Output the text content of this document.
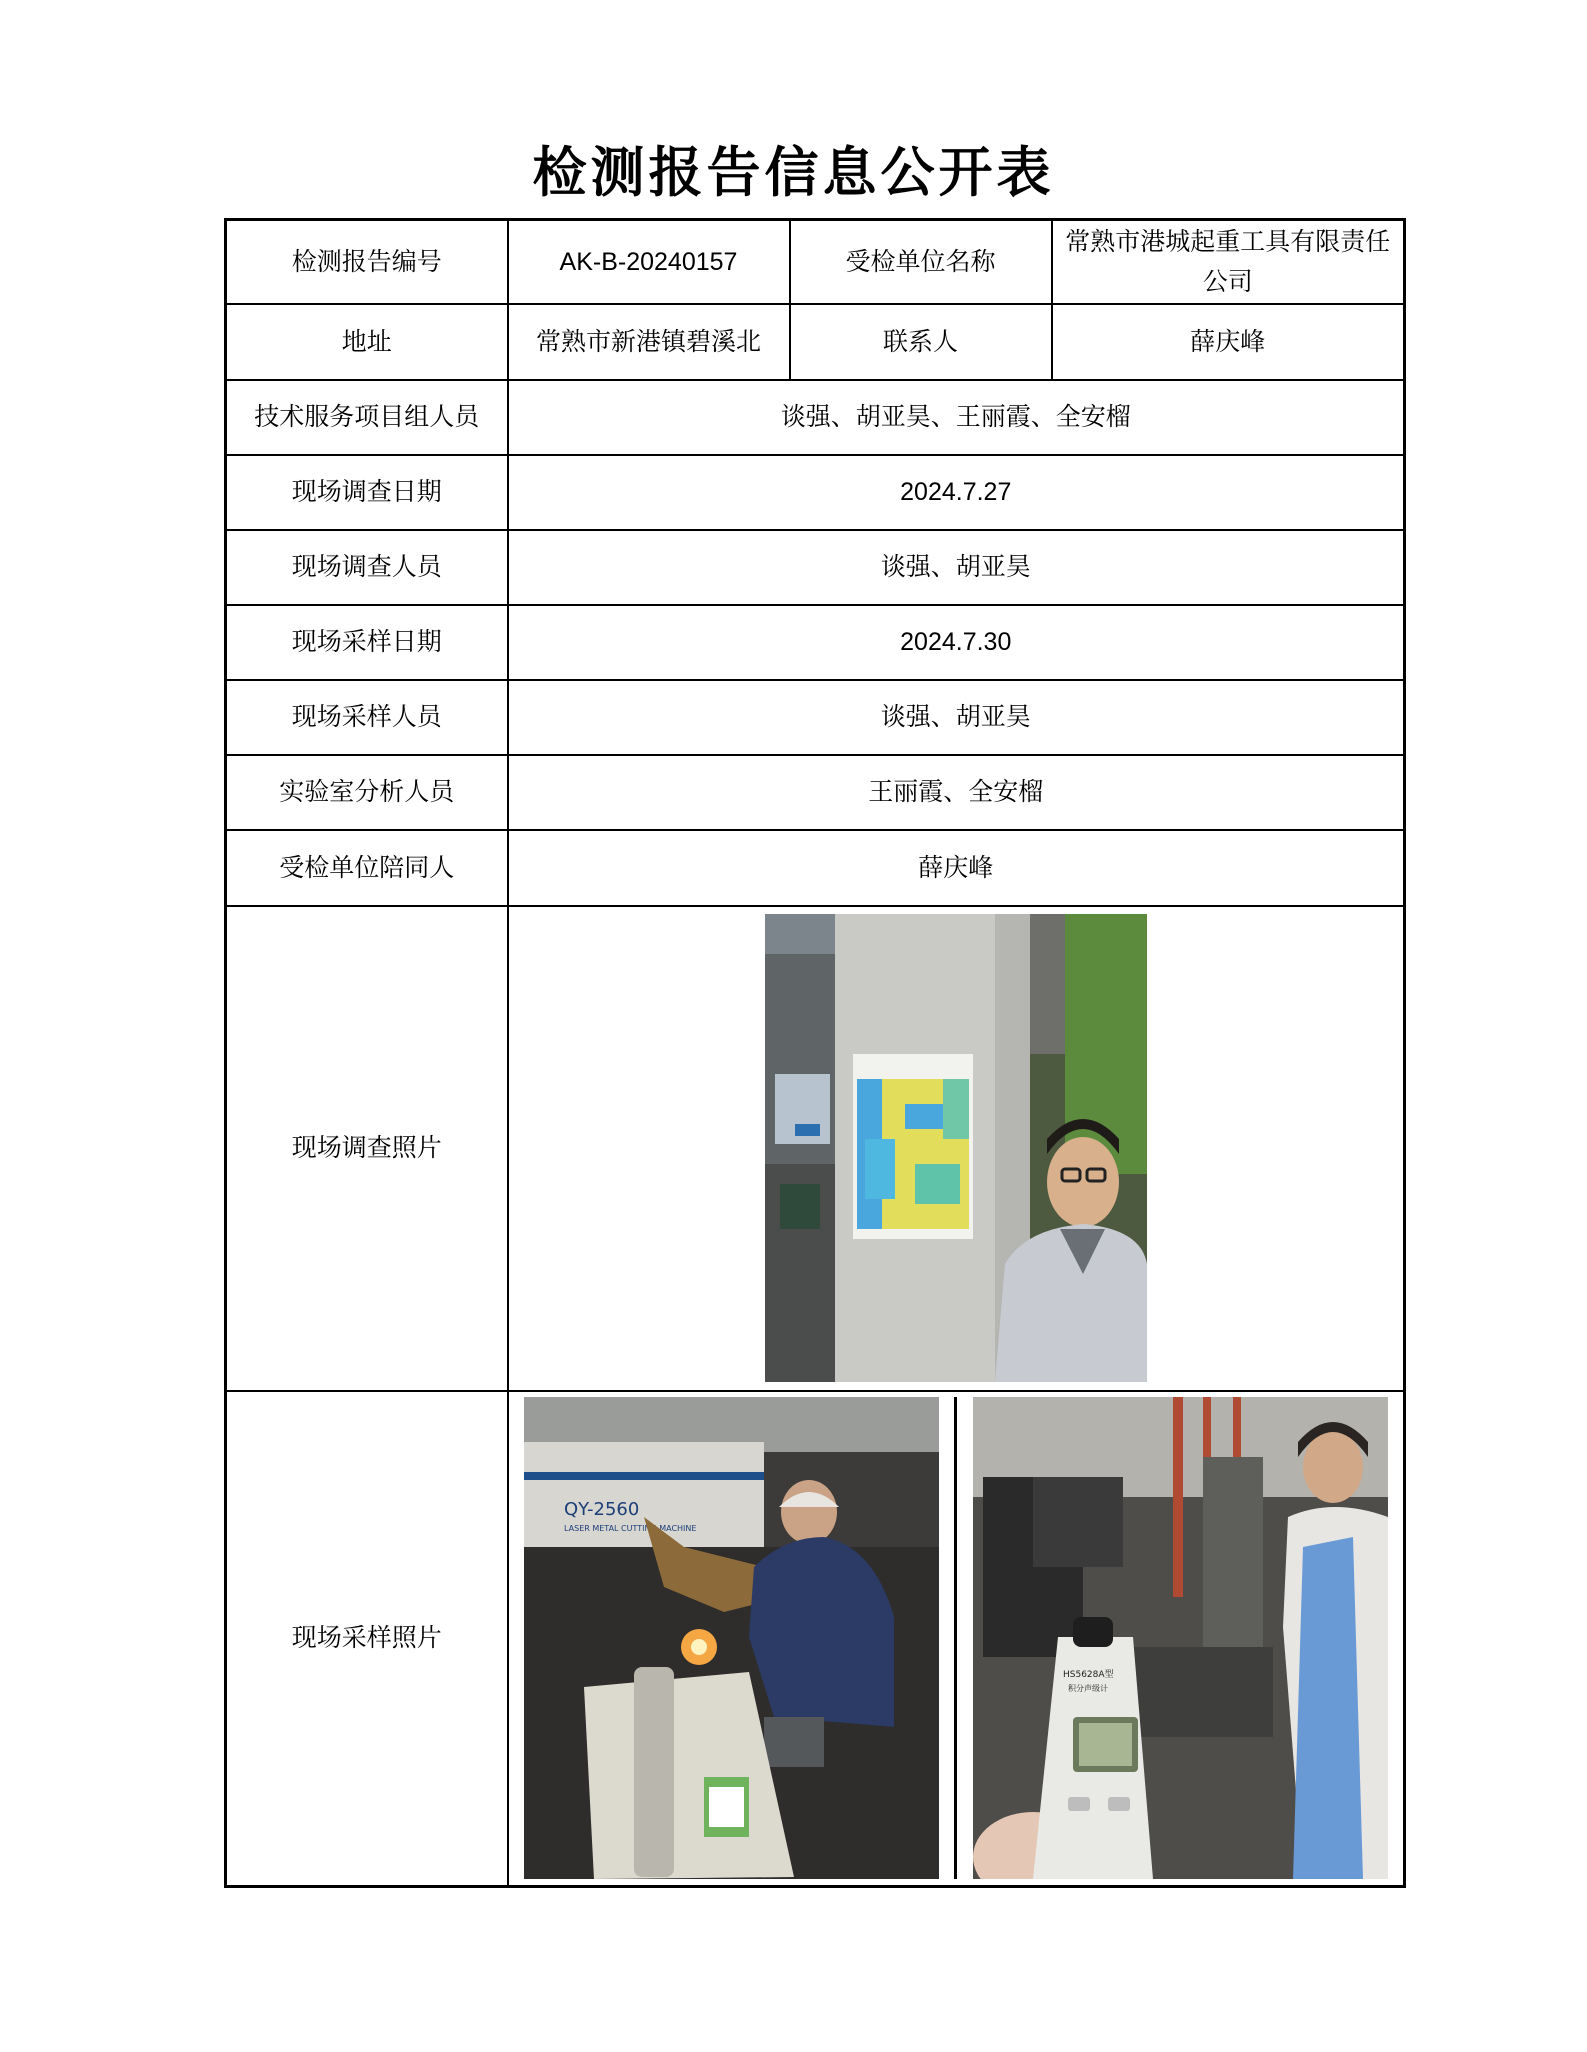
检测报告信息公开表
检测报告编号	AK-B-20240157	受检单位名称	常熟市港城起重工具有限责任公司
地址	常熟市新港镇碧溪北	联系人	薛庆峰
技术服务项目组人员	谈强、胡亚昊、王丽霞、全安榴		
现场调查日期	2024.7.27		
现场调查人员	谈强、胡亚昊		
现场采样日期	2024.7.30		
现场采样人员	谈强、胡亚昊		
实验室分析人员	王丽霞、全安榴		
受检单位陪同人	薛庆峰		
现场调查照片	

现场采样照片	QY-2560
LASER METAL CUTTING MACHINE
HS5628A型
积分声级计		
